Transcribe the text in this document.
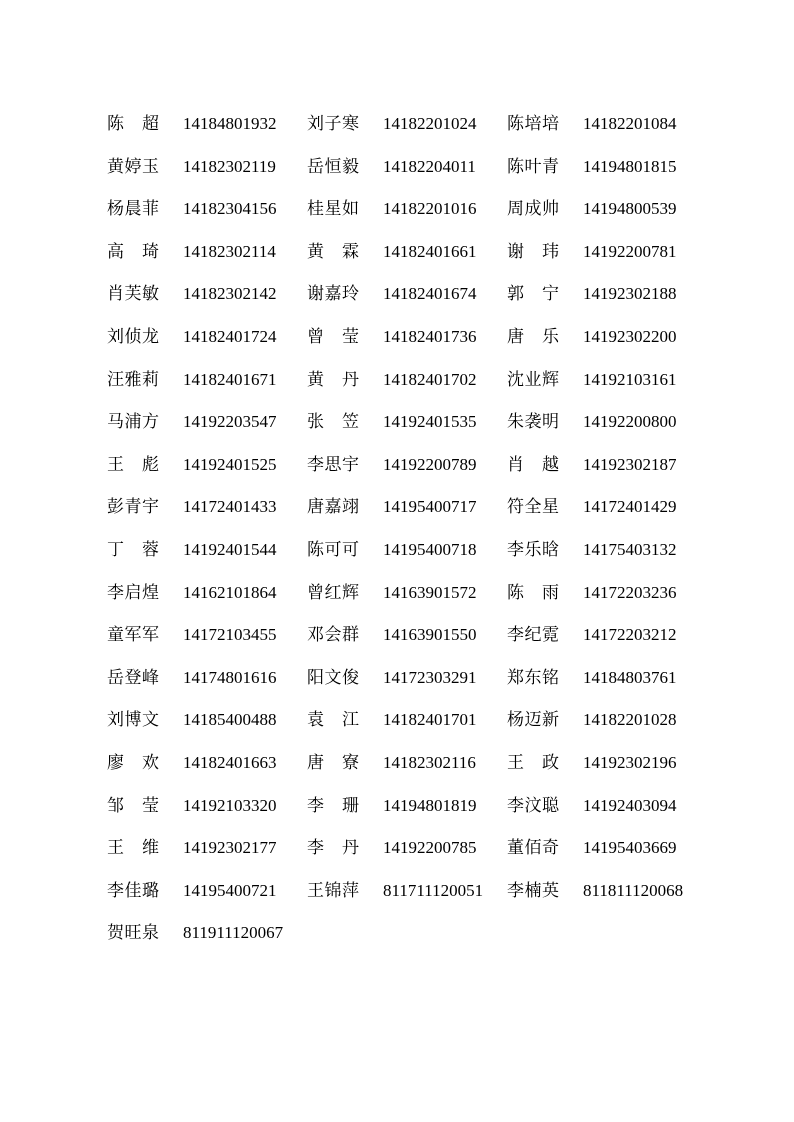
陈　超	14184801932 刘子寒	14182201024 陈培培	14182201084
黄婷玉	14182302119 岳恒毅	14182204011 陈叶青	14194801815
杨晨菲	14182304156 桂星如	14182201016 周成帅	14194800539
高　琦	14182302114 黄　霖	14182401661 谢　玮	14192200781
肖芙敏	14182302142 谢嘉玲	14182401674 郭　宁	14192302188
刘侦龙	14182401724 曾　莹	14182401736 唐　乐	14192302200
汪雅莉	14182401671 黄　丹	14182401702 沈业辉	14192103161
马浦方	14192203547 张　笠	14192401535 朱袭明	14192200800
王　彪	14192401525 李思宇	14192200789 肖　越	14192302187
彭青宇	14172401433 唐嘉翊	14195400717 符全星	14172401429
丁　蓉	14192401544 陈可可	14195400718 李乐晗	14175403132
李启煌	14162101864 曾红辉	14163901572 陈　雨	14172203236
童军军	14172103455 邓会群	14163901550 李纪霓	14172203212
岳登峰	14174801616 阳文俊	14172303291 郑东铭	14184803761
刘博文	14185400488 袁　江	14182401701 杨迈新	14182201028
廖　欢	14182401663 唐　寮	14182302116 王　政	14192302196
邹　莹	14192103320 李　珊	14194801819 李汶聪	14192403094
王　维	14192302177 李　丹	14192200785 董佰奇	14195403669
李佳璐	14195400721 王锦萍	811711120051 李楠英	811811120068
贺旺泉	811911120067
